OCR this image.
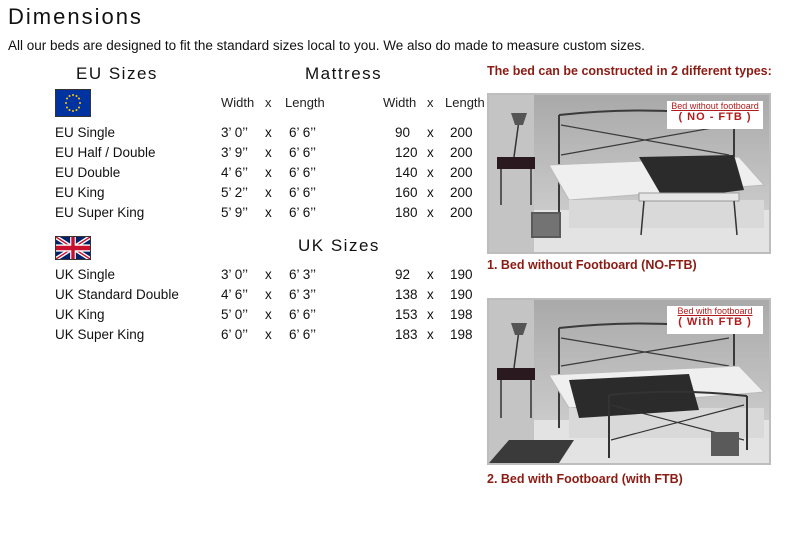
Dimensions
All our beds are designed to fit the standard sizes local to you. We also do made to measure custom sizes.
EU Sizes	Mattress
Width x Length	Width x Length
EU Single	3’ 0’’ x 6’ 6’’	90 x 200
EU Half / Double	3’ 9’’ x 6’ 6’’	120 x 200
EU Double	4’ 6’’ x 6’ 6’’	140 x 200
EU King	5’ 2’’ x 6’ 6’’	160 x 200
EU Super King	5’ 9’’ x 6’ 6’’	180 x 200
UK Sizes
UK Single	3’ 0’’ x 6’ 3’’	92 x 190
UK Standard Double	4’ 6’’ x 6’ 3’’	138 x 190
UK King	5’ 0’’ x 6’ 6’’	153 x 198
UK Super King	6’ 0’’ x 6’ 6’’	183 x 198
The bed can be constructed in 2 different types:
Bed without footboard
( NO - FTB )
1. Bed without Footboard (NO-FTB)
Bed with footboard
( With FTB )
2. Bed with Footboard (with FTB)
